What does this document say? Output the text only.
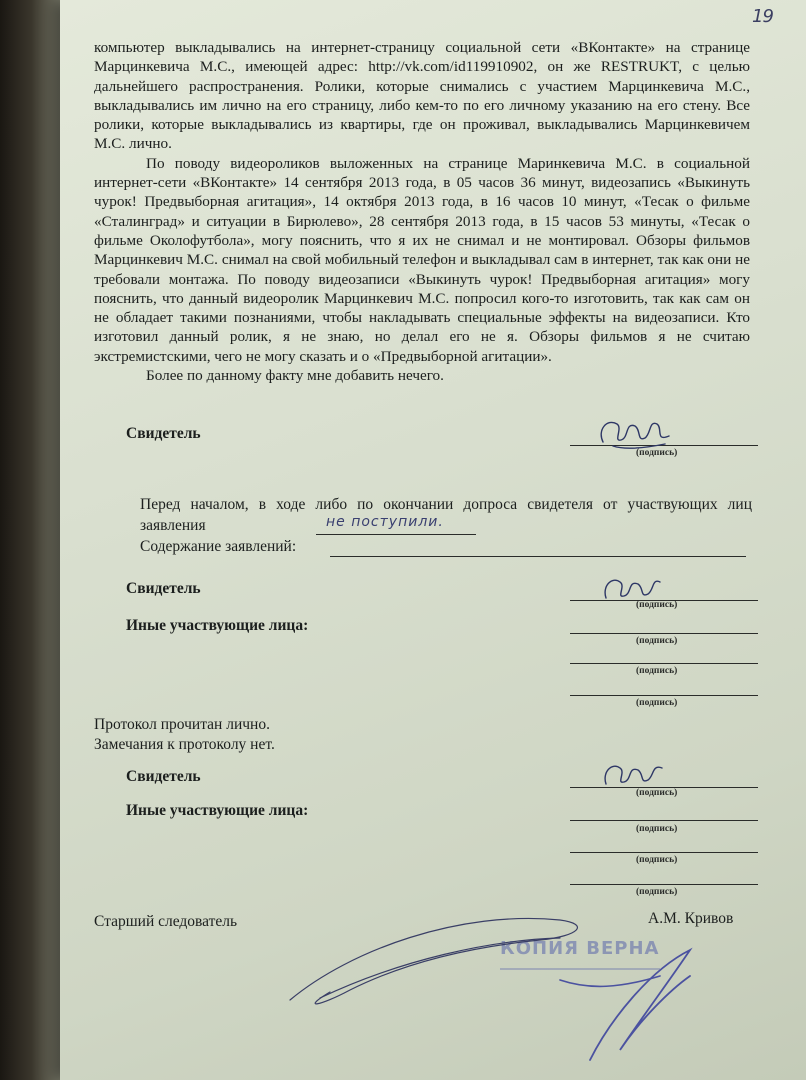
19

компьютер выкладывались на интернет-страницу социальной сети «ВКонтакте» на странице Марцинкевича М.С., имеющей адрес: http://vk.com/id119910902, он же RESTRUKT, с целью дальнейшего распространения. Ролики, которые снимались с участием Марцинкевича М.С., выкладывались им лично на его страницу, либо кем-то по его личному указанию на его стену. Все ролики, которые выкладывались из квартиры, где он проживал, выкладывались Марцинкевичем М.С. лично.

По поводу видеороликов выложенных на странице Маринкевича М.С. в социальной интернет-сети «ВКонтакте» 14 сентября 2013 года, в 05 часов 36 минут, видеозапись «Выкинуть чурок! Предвыборная агитация», 14 октября 2013 года, в 16 часов 10 минут, «Тесак о фильме «Сталинград» и ситуации в Бирюлево», 28 сентября 2013 года, в 15 часов 53 минуты, «Тесак о фильме Околофутбола», могу пояснить, что я их не снимал и не монтировал. Обзоры фильмов Марцинкевич М.С. снимал на свой мобильный телефон и выкладывал сам в интернет, так как они не требовали монтажа. По поводу видеозаписи «Выкинуть чурок! Предвыборная агитация» могу пояснить, что данный видеоролик Марцинкевич М.С. попросил кого-то изготовить, так как сам он не обладает такими познаниями, чтобы накладывать специальные эффекты на видеозаписи. Кто изготовил данный ролик, я не знаю, но делал его не я. Обзоры фильмов я не считаю экстремистскими, чего не могу сказать и о «Предвыборной агитации».

Более по данному факту мне добавить нечего.

Свидетель
(подпись)
Перед началом, в ходе либо по окончании допроса свидетеля от участвующих лиц заявления	не поступили.
Содержание заявлений:
Свидетель
(подпись)
Иные участвующие лица:
(подпись)
(подпись)
(подпись)
Протокол прочитан лично.
Замечания к протоколу нет.
Свидетель
(подпись)
Иные участвующие лица:
(подпись)
(подпись)
(подпись)
Старший следователь	А.М. Кривов
КОПИЯ ВЕРНА
